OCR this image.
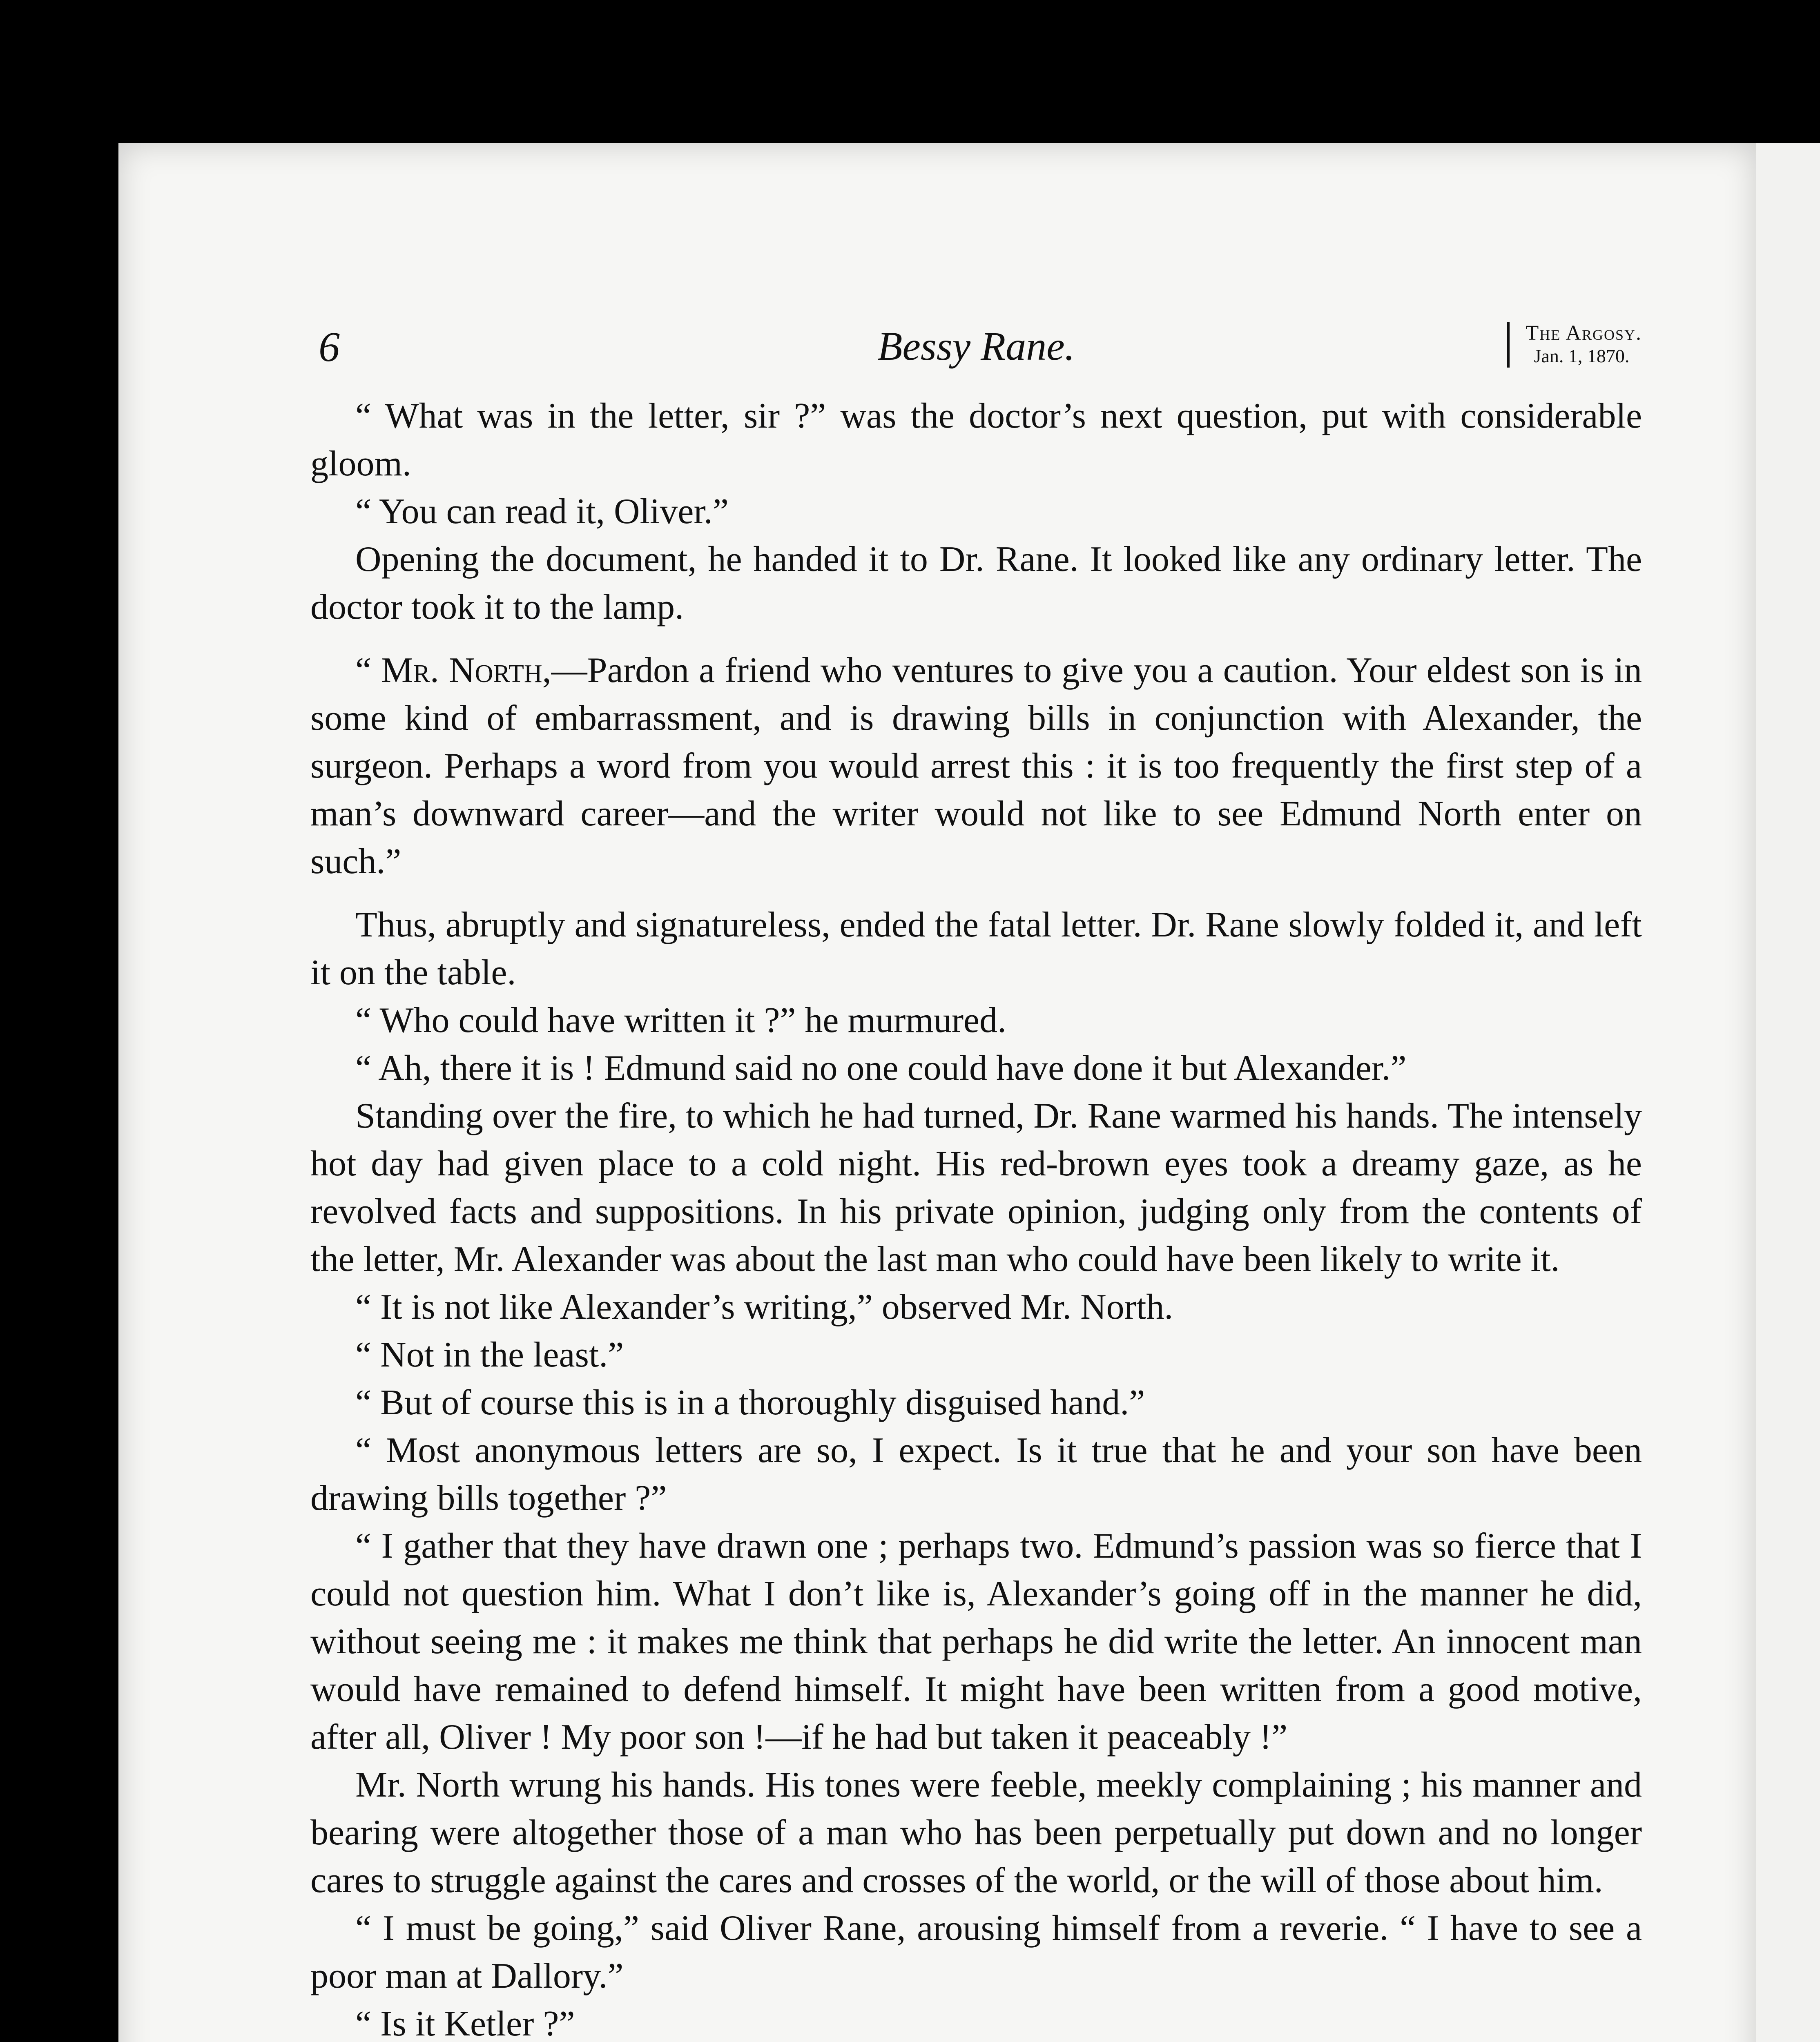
6	Bessy Rane.	The Argosy.
Jan. 1, 1870.

“ What was in the letter, sir ?” was the doctor’s next question, put with considerable gloom.

“ You can read it, Oliver.”

Opening the document, he handed it to Dr. Rane. It looked like any ordinary letter. The doctor took it to the lamp.

“ Mr. North,—Pardon a friend who ventures to give you a caution. Your eldest son is in some kind of embarrassment, and is drawing bills in conjunction with Alexander, the surgeon. Perhaps a word from you would arrest this : it is too frequently the first step of a man’s downward career—and the writer would not like to see Edmund North enter on such.”

Thus, abruptly and signatureless, ended the fatal letter. Dr. Rane slowly folded it, and left it on the table.

“ Who could have written it ?” he murmured.

“ Ah, there it is ! Edmund said no one could have done it but Alexander.”

Standing over the fire, to which he had turned, Dr. Rane warmed his hands. The intensely hot day had given place to a cold night. His red-brown eyes took a dreamy gaze, as he revolved facts and suppositions. In his private opinion, judging only from the contents of the letter, Mr. Alexander was about the last man who could have been likely to write it.

“ It is not like Alexander’s writing,” observed Mr. North.

“ Not in the least.”

“ But of course this is in a thoroughly disguised hand.”

“ Most anonymous letters are so, I expect. Is it true that he and your son have been drawing bills together ?”

“ I gather that they have drawn one ; perhaps two. Edmund’s passion was so fierce that I could not question him. What I don’t like is, Alexander’s going off in the manner he did, without seeing me : it makes me think that perhaps he did write the letter. An innocent man would have remained to defend himself. It might have been written from a good motive, after all, Oliver ! My poor son !—if he had but taken it peaceably !”

Mr. North wrung his hands. His tones were feeble, meekly complaining ; his manner and bearing were altogether those of a man who has been perpetually put down and no longer cares to struggle against the cares and crosses of the world, or the will of those about him.

“ I must be going,” said Oliver Rane, arousing himself from a reverie. “ I have to see a poor man at Dallory.”

“ Is it Ketler ?”
